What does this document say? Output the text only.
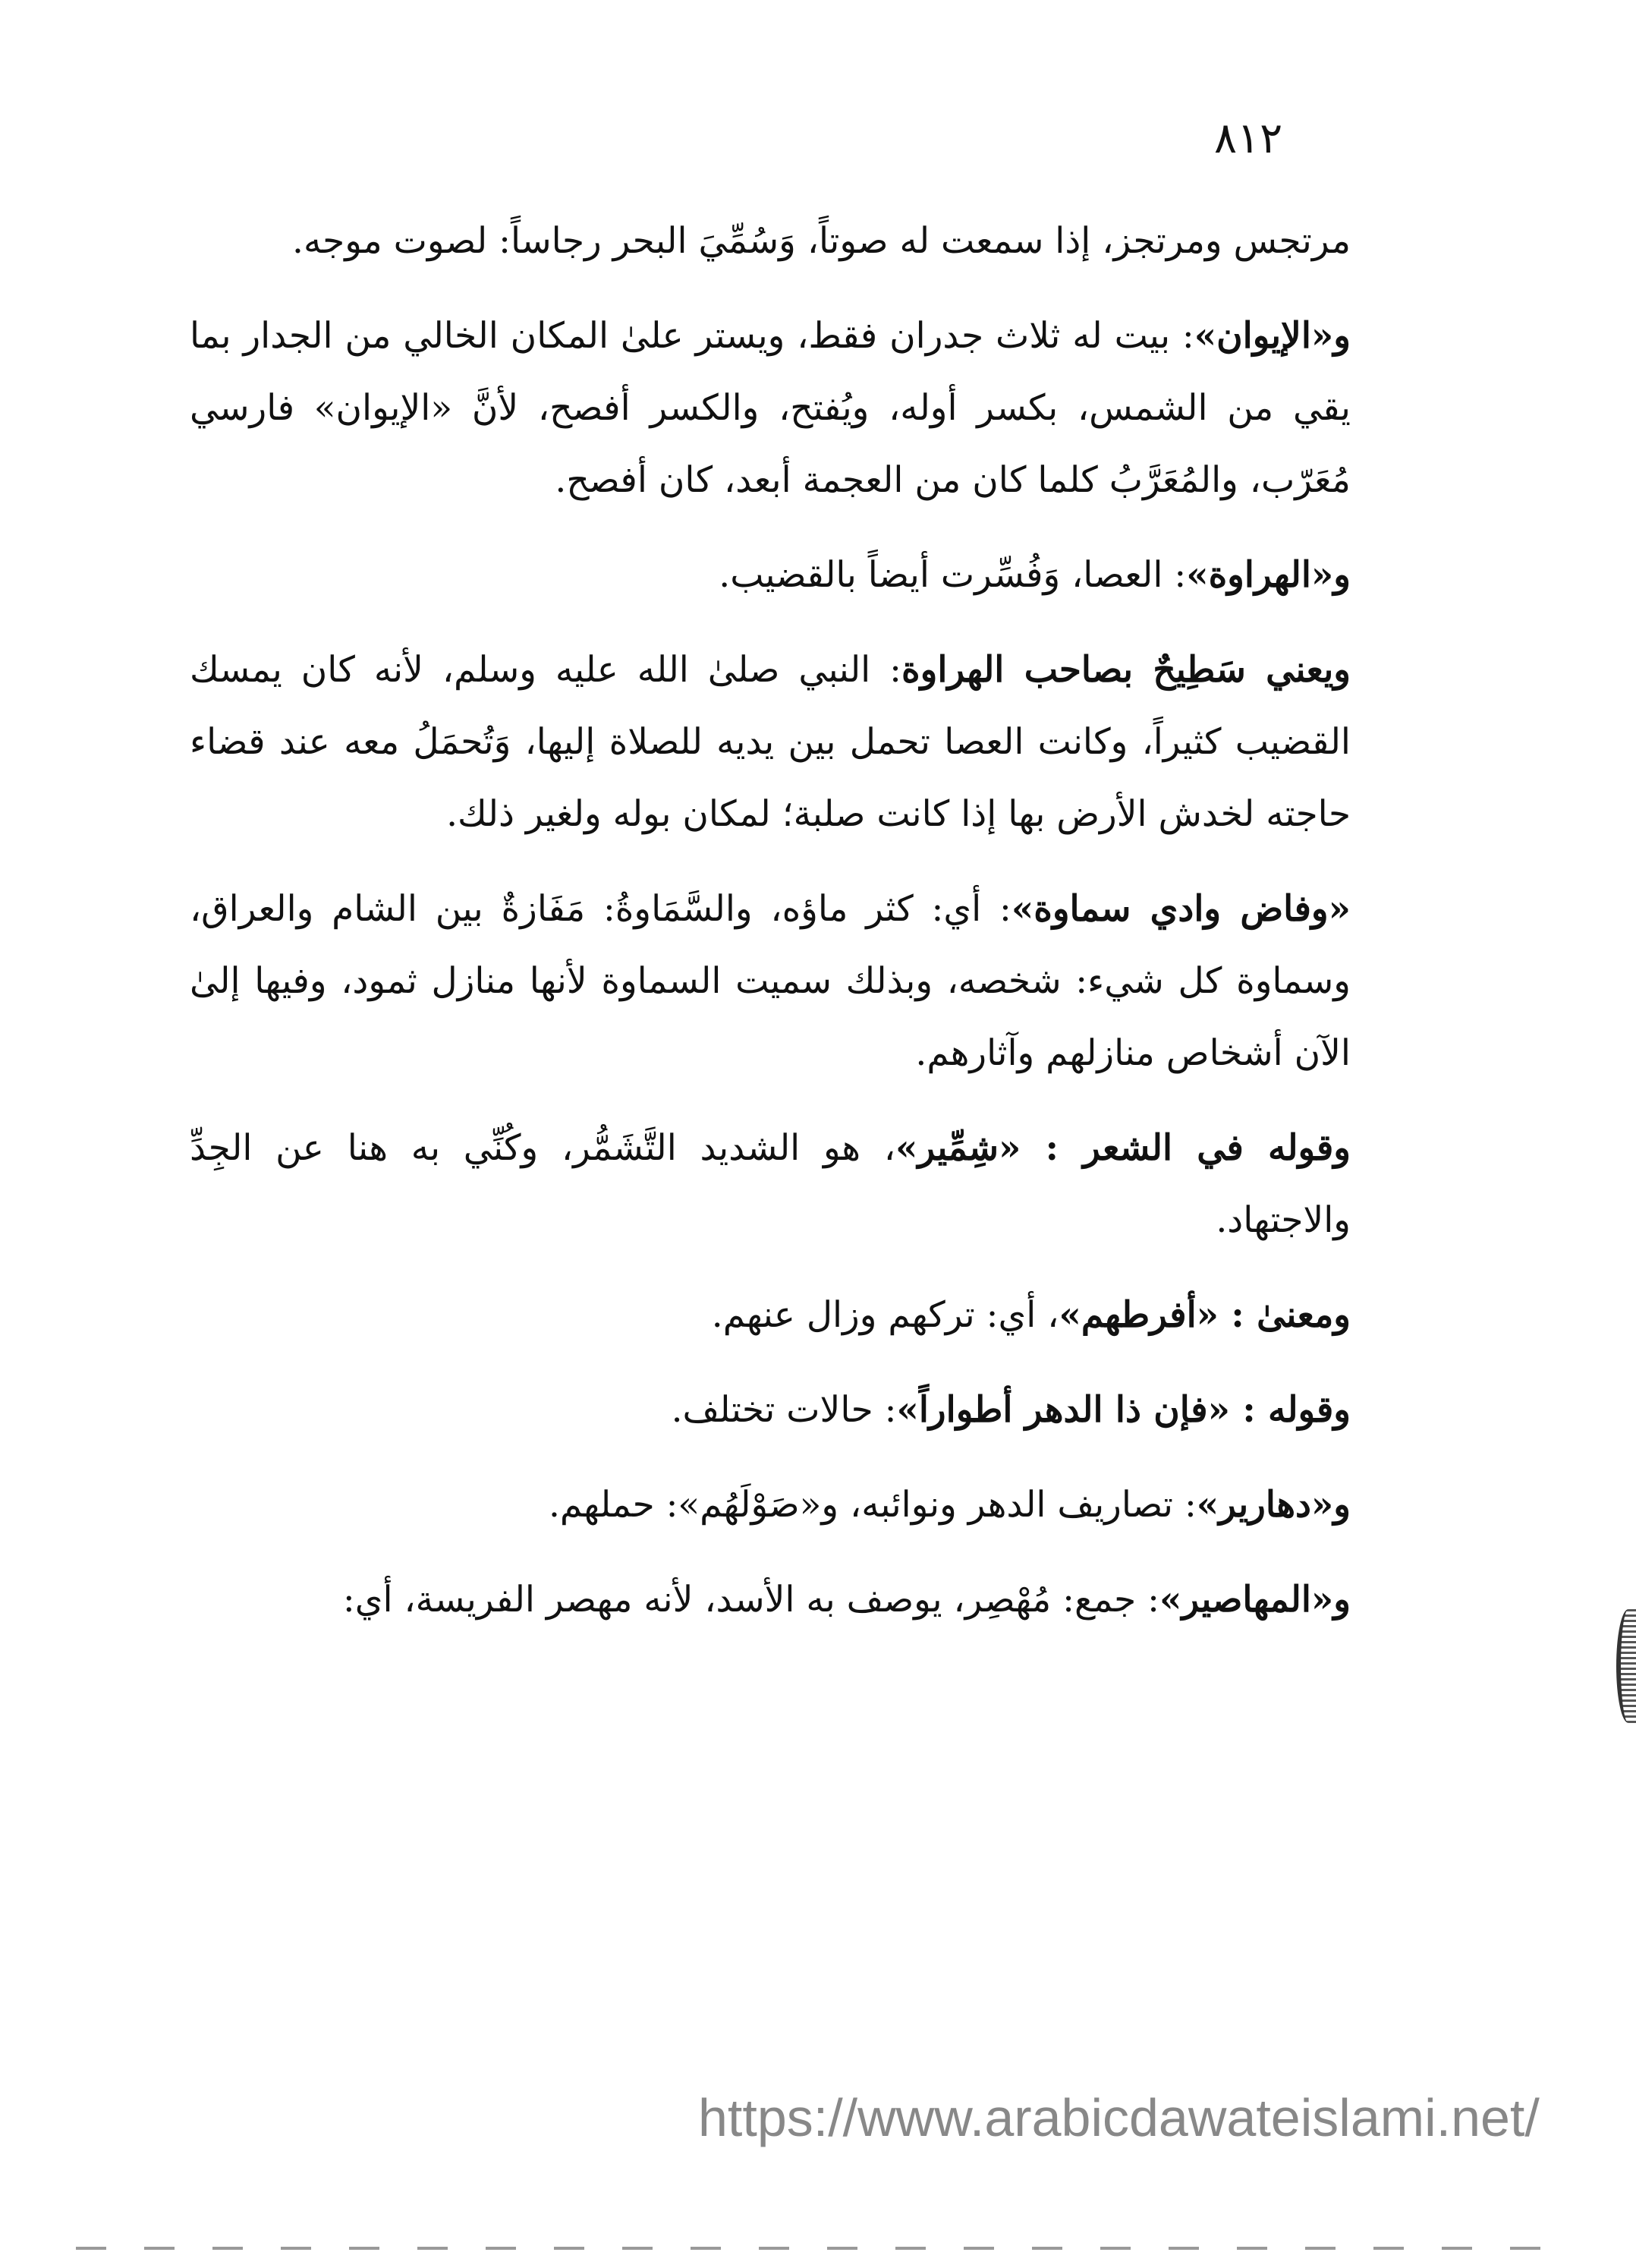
٨١٢

مرتجس ومرتجز، إذا سمعت له صوتاً، وَسُمِّيَ البحر رجاساً: لصوت موجه.

و«الإيوان»: بيت له ثلاث جدران فقط، ويستر علىٰ المكان الخالي من الجدار بما يقي من الشمس، بكسر أوله، ويُفتح، والكسر أفصح، لأنَّ «الإيوان» فارسي مُعَرّب، والمُعَرَّبُ كلما كان من العجمة أبعد، كان أفصح.

و«الهراوة»: العصا، وَفُسِّرت أيضاً بالقضيب.

ويعني سَطِيحٌ بصاحب الهراوة: النبي صلىٰ الله عليه وسلم، لأنه كان يمسك القضيب كثيراً، وكانت العصا تحمل بين يديه للصلاة إليها، وَتُحمَلُ معه عند قضاء حاجته لخدش الأرض بها إذا كانت صلبة؛ لمكان بوله ولغير ذلك.

«وفاض وادي سماوة»: أي: كثر ماؤه، والسَّمَاوةُ: مَفَازةٌ بين الشام والعراق، وسماوة كل شيء: شخصه، وبذلك سميت السماوة لأنها منازل ثمود، وفيها إلىٰ الآن أشخاص منازلهم وآثارهم.

وقوله في الشعر : «شِمِّير»، هو الشديد التَّشَمُّر، وكُنِّي به هنا عن الجِدِّ والاجتهاد.

ومعنىٰ : «أفرطهم»، أي: تركهم وزال عنهم.

وقوله : «فإن ذا الدهر أطواراً»: حالات تختلف.

و«دهارير»: تصاريف الدهر ونوائبه، و«صَوْلَهُم»: حملهم.

و«المهاصير»: جمع: مُهْصِر، يوصف به الأسد، لأنه مهصر الفريسة، أي:

https://www.arabicdawateislami.net/
